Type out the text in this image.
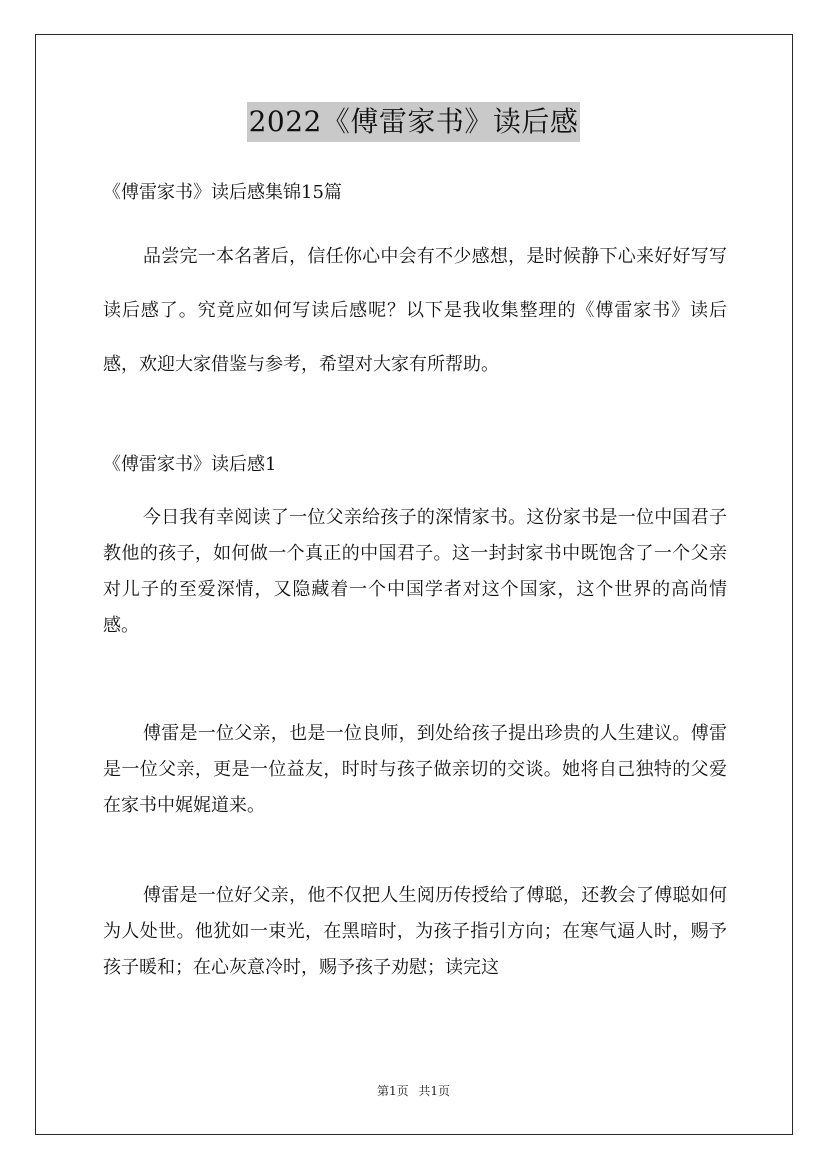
2022《傅雷家书》读后感
《傅雷家书》读后感集锦15篇

品尝完一本名著后，信任你心中会有不少感想，是时候静下心来好好写写读后感了。究竟应如何写读后感呢？以下是我收集整理的《傅雷家书》读后感，欢迎大家借鉴与参考，希望对大家有所帮助。

《傅雷家书》读后感1

今日我有幸阅读了一位父亲给孩子的深情家书。这份家书是一位中国君子教他的孩子，如何做一个真正的中国君子。这一封封家书中既饱含了一个父亲对儿子的至爱深情，又隐藏着一个中国学者对这个国家，这个世界的高尚情感。

傅雷是一位父亲，也是一位良师，到处给孩子提出珍贵的人生建议。傅雷是一位父亲，更是一位益友，时时与孩子做亲切的交谈。她将自己独特的父爱在家书中娓娓道来。

傅雷是一位好父亲，他不仅把人生阅历传授给了傅聪，还教会了傅聪如何为人处世。他犹如一束光，在黑暗时，为孩子指引方向；在寒气逼人时，赐予孩子暖和；在心灰意冷时，赐予孩子劝慰；读完这

第1页 共1页
